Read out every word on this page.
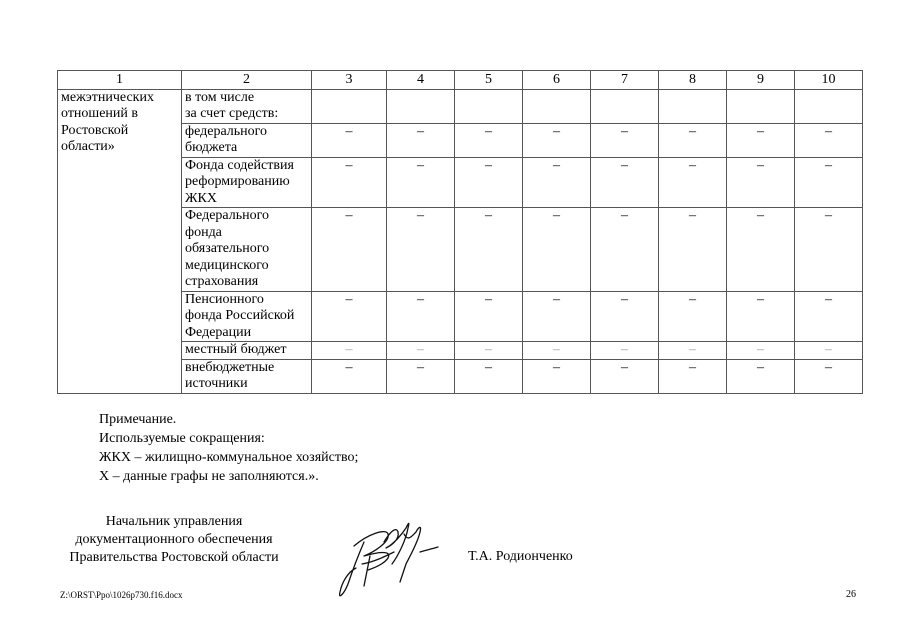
1	2	3	4	5	6	7	8	9	10
межэтнических
отношений в
Ростовской
области»	в том числе
за счет средств:								
	федерального
бюджета	–	–	–	–	–	–	–	–
	Фонда содействия
реформированию
ЖКХ	–	–	–	–	–	–	–	–
	Федерального
фонда
обязательного
медицинского
страхования	–	–	–	–	–	–	–	–
	Пенсионного
фонда Российской
Федерации	–	–	–	–	–	–	–	–
	местный бюджет	–	–	–	–	–	–	–	–
	внебюджетные
источники	–	–	–	–	–	–	–	–
Примечание.
Используемые сокращения:
ЖКХ – жилищно-коммунальное хозяйство;
Х – данные графы не заполняются.».
Начальник управления
документационного обеспечения
Правительства Ростовской области	Т.А. Родионченко
Z:\ORST\Ppo\1026p730.f16.docx	26
